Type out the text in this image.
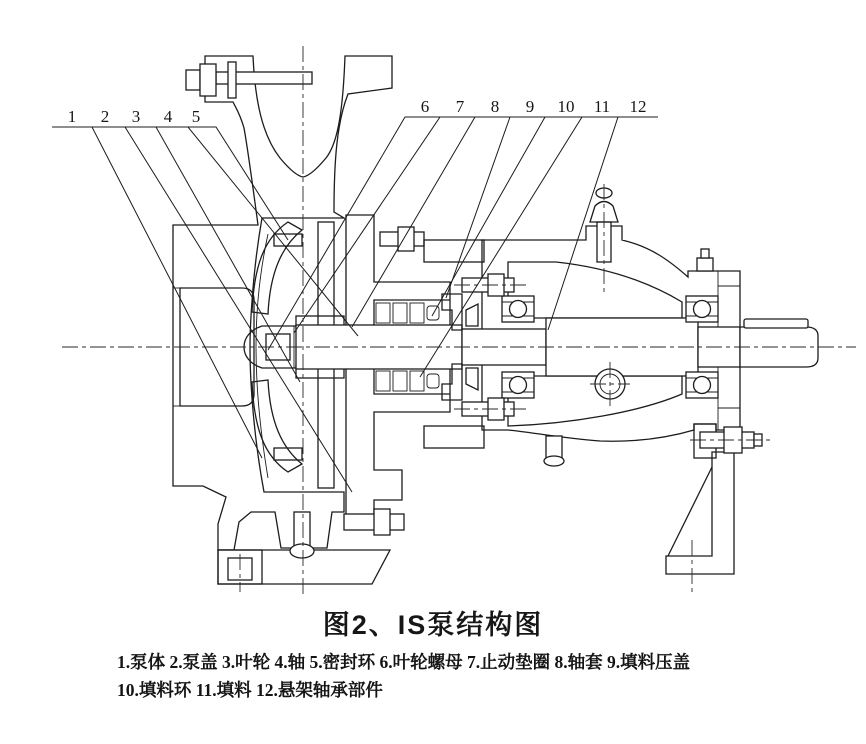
1 2 3 4 5
6 7 8 9 10 11 12
图2、IS泵结构图
1.泵体 2.泵盖 3.叶轮 4.轴 5.密封环 6.叶轮螺母 7.止动垫圈 8.轴套 9.填料压盖
10.填料环 11.填料 12.悬架轴承部件
